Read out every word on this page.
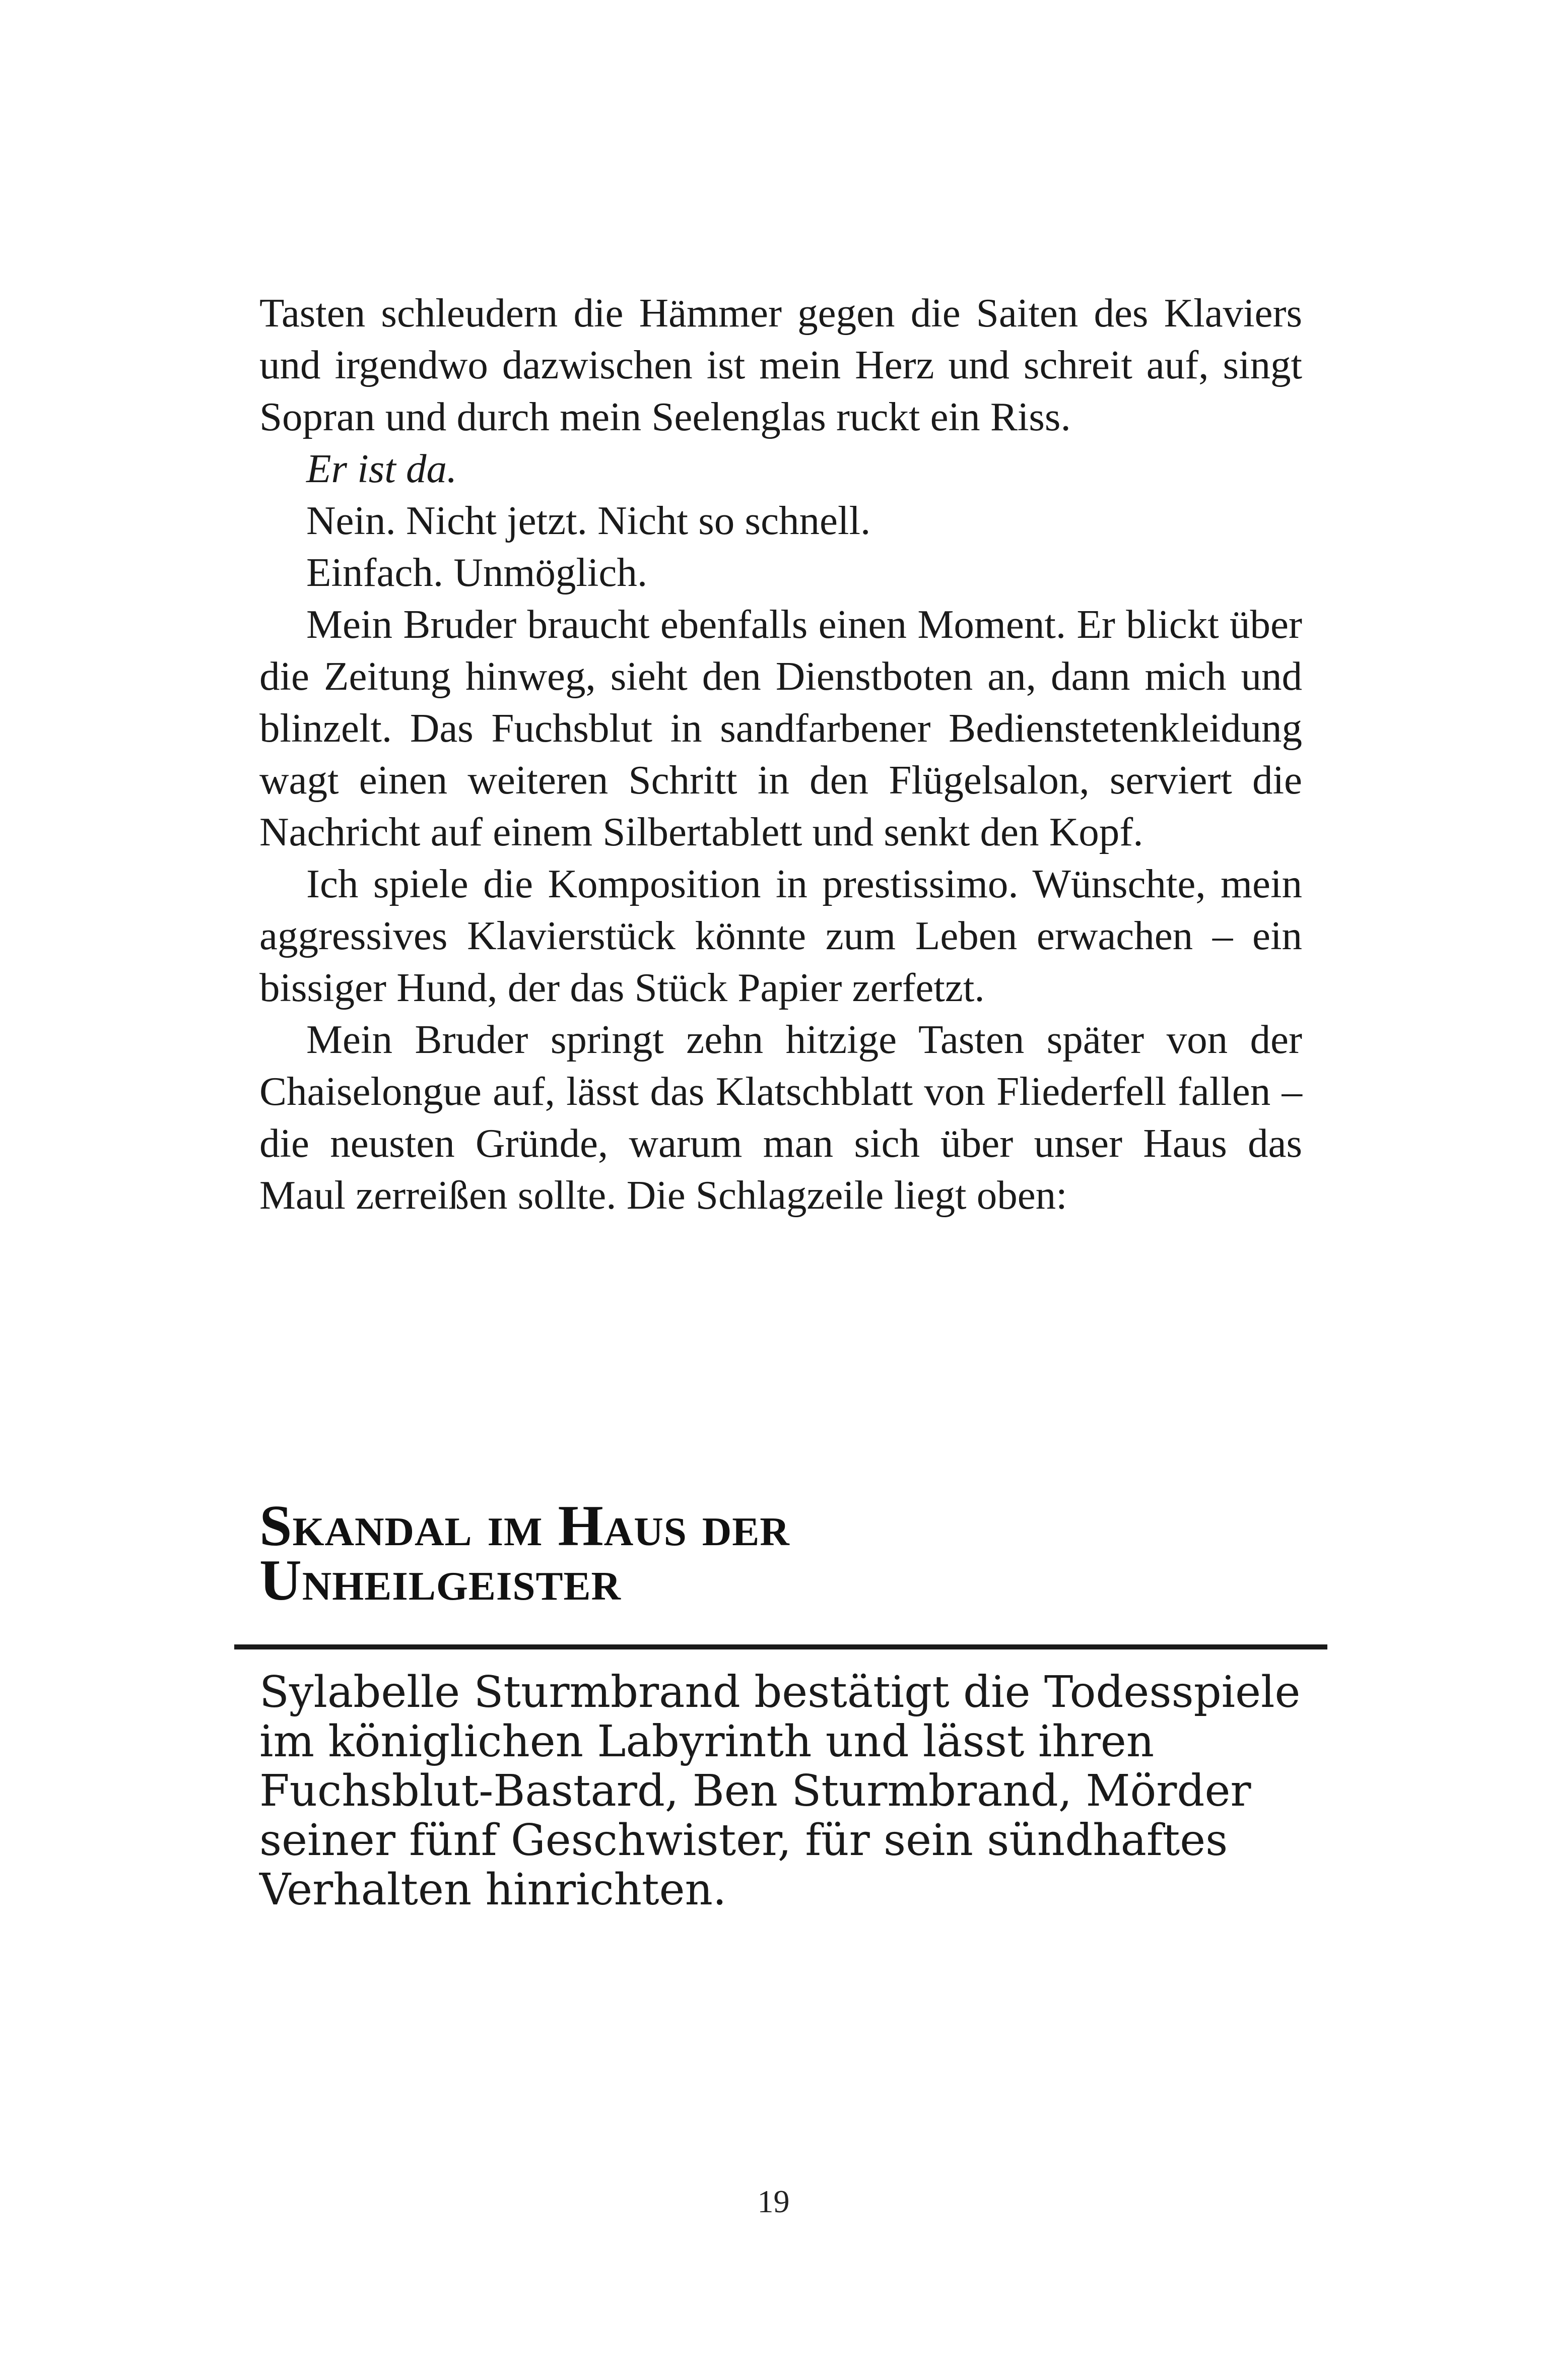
Tasten schleudern die Hämmer gegen die Saiten des Klaviers und irgendwo dazwischen ist mein Herz und schreit auf, singt Sopran und durch mein Seelenglas ruckt ein Riss.

Er ist da.

Nein. Nicht jetzt. Nicht so schnell.

Einfach. Unmöglich.

Mein Bruder braucht ebenfalls einen Moment. Er blickt über die Zeitung hinweg, sieht den Dienstboten an, dann mich und blinzelt. Das Fuchsblut in sandfarbener Bedienstetenkleidung wagt einen weiteren Schritt in den Flügelsalon, serviert die Nachricht auf einem Silbertablett und senkt den Kopf.

Ich spiele die Komposition in prestissimo. Wünschte, mein aggressives Klavierstück könnte zum Leben erwachen – ein bissiger Hund, der das Stück Papier zerfetzt.

Mein Bruder springt zehn hitzige Tasten später von der Chaiselongue auf, lässt das Klatschblatt von Fliederfell fallen – die neusten Gründe, warum man sich über unser Haus das Maul zerreißen sollte. Die Schlagzeile liegt oben:

Skandal im Haus der

Unheilgeister

Sylabelle Sturmbrand bestätigt die Todesspiele im königlichen Labyrinth und lässt ihren Fuchsblut-Bastard, Ben Sturmbrand, Mörder seiner fünf Geschwister, für sein sündhaftes Verhalten hinrichten.

19
